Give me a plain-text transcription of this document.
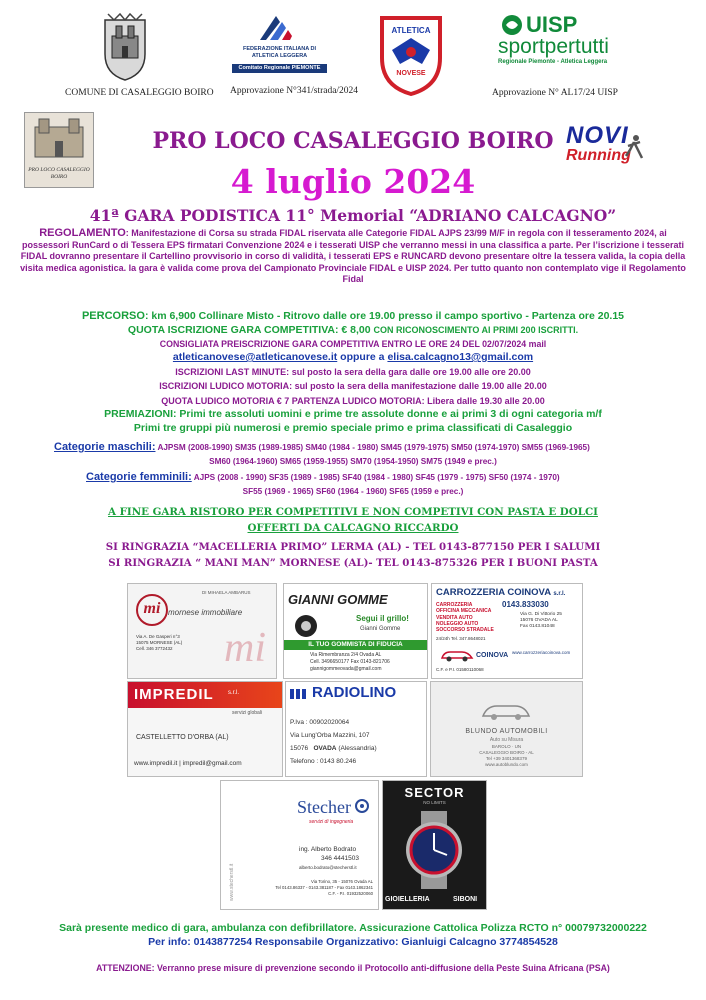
COMUNE DI CASALEGGIO BOIRO
FEDERAZIONE ITALIANA DI ATLETICA LEGGERA
Comitato Regionale PIEMONTE
Approvazione N°341/strada/2024
ATLETICA
NOVESE
UISP
sportpertutti
Regionale Piemonte - Atletica Leggera
Approvazione N° AL17/24 UISP
PRO LOCO CASALEGGIO BOIRO
NOVI
Running
PRO LOCO CASALEGGIO BOIRO
4 luglio 2024
41ª GARA PODISTICA 11° Memorial “ADRIANO CALCAGNO”
REGOLAMENTO: Manifestazione di Corsa su strada FIDAL riservata alle Categorie FIDAL AJPS 23/99 M/F in regola con il tesseramento 2024, ai possessori RunCard o di Tessera EPS firmatari Convenzione 2024 e i tesserati UISP che verranno messi in una classifica a parte. Per l’iscrizione i tesserati FIDAL dovranno presentare il Cartellino provvisorio in corso di validità, i tesserati EPS e RUNCARD devono presentare oltre la tessera valida, la copia della visita medica agonistica. la gara è valida come prova del Campionato Provinciale FIDAL e UISP 2024. Per tutto quanto non contemplato vige il Regolamento Fidal
PERCORSO: km 6,900 Collinare Misto - Ritrovo dalle ore 19.00 presso il campo sportivo - Partenza ore 20.15
QUOTA ISCRIZIONE GARA COMPETITIVA: € 8,00 CON RICONOSCIMENTO AI PRIMI 200 ISCRITTI.
CONSIGLIATA PREISCRIZIONE GARA COMPETITIVA ENTRO LE ORE 24 DEL 02/07/2024 mail
atleticanovese@atleticanovese.it oppure a elisa.calcagno13@gmail.com
ISCRIZIONI LAST MINUTE: sul posto la sera della gara dalle ore 19.00 alle ore 20.00
ISCRIZIONI LUDICO MOTORIA: sul posto la sera della manifestazione dalle 19.00 alle 20.00
QUOTA LUDICO MOTORIA € 7 PARTENZA LUDICO MOTORIA: Libera dalle 19.30 alle 20.00
PREMIAZIONI: Primi tre assoluti uomini e prime tre assolute donne e ai primi 3 di ogni categoria m/f
Primi tre gruppi più numerosi e premio speciale primo e prima classificati di Casaleggio
Categorie maschili: AJPSM (2008-1990) SM35 (1989-1985) SM40 (1984 - 1980) SM45 (1979-1975) SM50 (1974-1970) SM55 (1969-1965)
SM60 (1964-1960) SM65 (1959-1955) SM70 (1954-1950) SM75 (1949 e prec.)
Categorie femminili: AJPS (2008 - 1990) SF35 (1989 - 1985) SF40 (1984 - 1980) SF45 (1979 - 1975) SF50 (1974 - 1970)
SF55 (1969 - 1965) SF60 (1964 - 1960) SF65 (1959 e prec.)
A FINE GARA RISTORO PER COMPETITIVI E NON COMPETIVI CON PASTA E DOLCI
OFFERTI DA CALCAGNO RICCARDO
SI RINGRAZIA “MACELLERIA PRIMO” LERMA (AL) - TEL 0143-877150 PER I SALUMI
SI RINGRAZIA “ MANI MAN” MORNESE (AL)- TEL 0143-875326 PER I BUONI PASTA
mi mornese immobiliare
DI MIHAELA AMBARUS
Via A. De Gasperi n°3
15075 MORNESE (AL)
Cell. 346 3772432 mi
GIANNI GOMME
Segui il grillo!
Gianni Gomme
IL TUO GOMMISTA DI FIDUCIA
Via Rimembranza 2/4 Ovada AL
Cell. 3496650177 Fax 0143-821706
giannigommeovada@gmail.com
CARROZZERIA COINOVA s.r.l.
0143.833030
CARROZZERIA
OFFICINA MECCANICA
VENDITA AUTO
NOLEGGIO AUTO
SOCCORSO STRADALE
Via G. Di Vittorio 25
15076 OVADA AL
Fax 0143.81048
24/24h Tel. 347.8648021
COINOVA www.carrozzeriacoinova.com
C.F. e P.I. 01580110068
IMPREDIL s.r.l.
servizi globali
CASTELLETTO D'ORBA (AL)
www.impredil.it | impredil@gmail.com
RADIOLINO
P.Iva : 00902020064
Via Lung'Orba Mazzini, 107
15076 OVADA (Alessandria)
Telefono : 0143 80.246
BLUNDO AUTOMOBILI
Auto su Misura
BAROLO · UN
CASALEGGIO BOIRO - AL
Tel +39 3401368379
www.autoblundo.com
www.stecherstl.it
Stecher
servizi di ingegneria
ing. Alberto Bodrato
346 4441503
alberto.bodrato@stecherstl.it
Via Torino, 35 - 15076 Ovada AL
Tel 0143.86337 - 0143.381187 - Fax 0143.1862341
C.F. - P.I. 01932520060
SECTOR
NO LIMITS
GIOIELLERIA	SIBONI
Sarà presente medico di gara, ambulanza con defibrillatore. Assicurazione Cattolica Polizza RCTO n° 00079732000222
Per info: 0143877254 Responsabile Organizzativo: Gianluigi Calcagno 3774854528
ATTENZIONE: Verranno prese misure di prevenzione secondo il Protocollo anti-diffusione della Peste Suina Africana (PSA)
